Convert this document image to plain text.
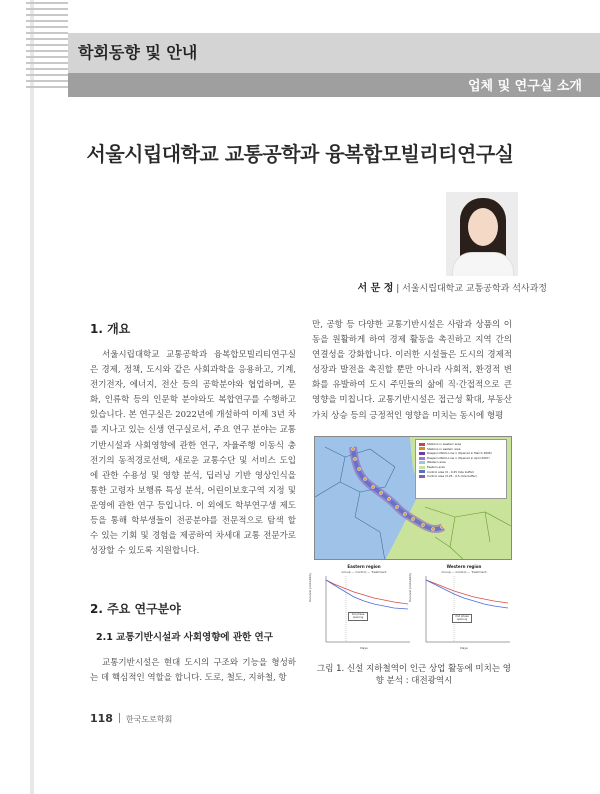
학회동향 및 안내
업체 및 연구실 소개
서울시립대학교 교통공학과 융복합모빌리티연구실
서 문 정 | 서울시립대학교 교통공학과 석사과정
1. 개요

서울시립대학교 교통공학과 융복합모빌리티연구실은 경제, 정책, 도시와 같은 사회과학을 응용하고, 기계, 전기전자, 에너지, 전산 등의 공학분야와 협업하며, 문화, 인류학 등의 인문학 분야와도 복합연구를 수행하고 있습니다. 본 연구실은 2022년에 개설하여 이제 3년 차를 지나고 있는 신생 연구실로서, 주요 연구 분야는 교통기반시설과 사회영향에 관한 연구, 자율주행 이동식 충전기의 동적경로선택, 새로운 교통수단 및 서비스 도입에 관한 수용성 및 영향 분석, 딥러닝 기반 영상인식을 통한 고령자 보행류 특성 분석, 어린이보호구역 지정 및 운영에 관한 연구 등입니다. 이 외에도 학부연구생 제도 등을 통해 학부생들이 전공분야를 전문적으로 탐색 할 수 있는 기회 및 경험을 제공하여 차세대 교통 전문가로 성장할 수 있도록 지원합니다.

2. 주요 연구분야
2.1 교통기반시설과 사회영향에 관한 연구

교통기반시설은 현대 도시의 구조와 기능을 형성하는 데 핵심적인 역할을 합니다. 도로, 철도, 지하철, 항

만, 공항 등 다양한 교통기반시설은 사람과 상품의 이동을 원활하게 하여 경제 활동을 촉진하고 지역 간의 연결성을 강화합니다. 이러한 시설들은 도시의 경제적 성장과 발전을 촉진할 뿐만 아니라 사회적, 환경적 변화를 유발하여 도시 주민들의 삶에 직·간접적으로 큰 영향을 미칩니다. 교통기반시설은 접근성 확대, 부동산 가치 상승 등의 긍정적인 영향을 미치는 동시에 형평

Stations in western area
Stations in eastern area
Daejeon Metro Line 1 (Opened in March 2006)
Daejeon Metro Line 1 (Opened in April 2007)
Western area
Eastern area
Control area (0 - 0.25 mile buffer)
Control area (0.25 - 0.5 mile buffer)
Eastern region
Group — Control — Treatment
Survival probability
1st phase opening
Days
Western region
Group — Control — Treatment
Survival probability
2nd phase opening
Days
그림 1. 신설 지하철역이 인근 상업 활동에 미치는 영향 분석 : 대전광역시
118 한국도로학회
